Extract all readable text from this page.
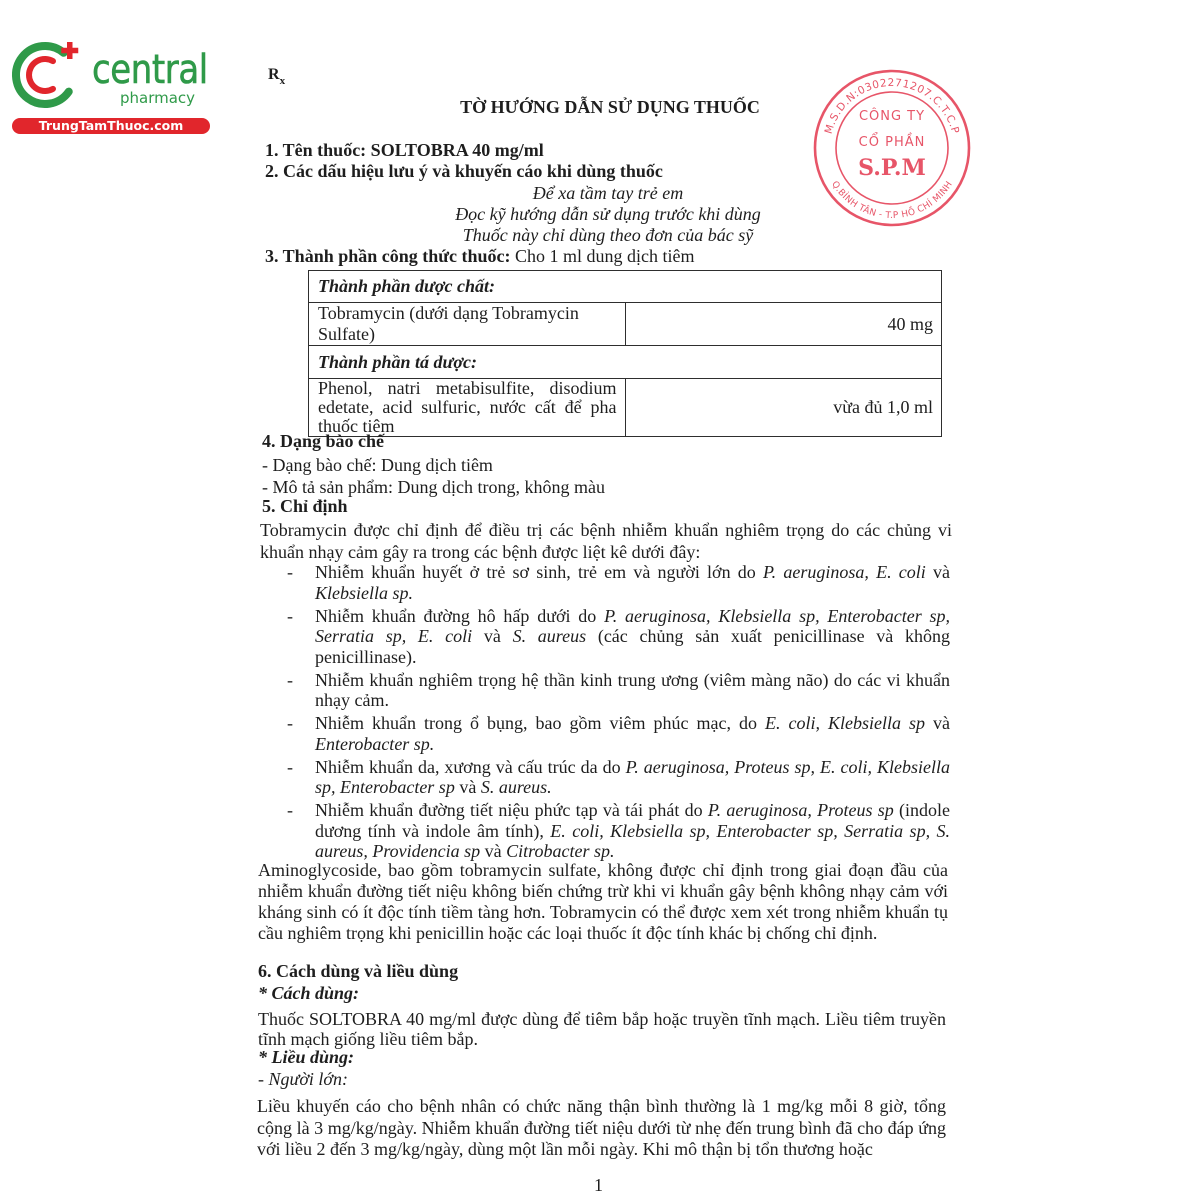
central
pharmacy
TrungTamThuoc.com
$R_x$
TỜ HƯỚNG DẪN SỬ DỤNG THUỐC
M.S.D.N:0302271207.C.T.C.P
Q.BÌNH TÂN - T.P HỒ CHÍ MINH
CÔNG TY
CỔ PHẦN
S.P.M
1. Tên thuốc: SOLTOBRA 40 mg/ml
2. Các dấu hiệu lưu ý và khuyến cáo khi dùng thuốc
Để xa tầm tay trẻ em
Đọc kỹ hướng dẫn sử dụng trước khi dùng
Thuốc này chỉ dùng theo đơn của bác sỹ
3. Thành phần công thức thuốc: Cho 1 ml dung dịch tiêm
Thành phần dược chất:	
Tobramycin (dưới dạng Tobramycin Sulfate)	40 mg
Thành phần tá dược:	
Phenol, natri metabisulfite, disodium edetate, acid sulfuric, nước cất để pha thuốc tiêm	vừa đủ 1,0 ml
4. Dạng bào chế
- Dạng bào chế: Dung dịch tiêm
- Mô tả sản phẩm: Dung dịch trong, không màu
5. Chỉ định
Tobramycin được chỉ định để điều trị các bệnh nhiễm khuẩn nghiêm trọng do các chủng vi khuẩn nhạy cảm gây ra trong các bệnh được liệt kê dưới đây:
-	Nhiễm khuẩn huyết ở trẻ sơ sinh, trẻ em và người lớn do P. aeruginosa, E. coli và Klebsiella sp.
-	Nhiễm khuẩn đường hô hấp dưới do P. aeruginosa, Klebsiella sp, Enterobacter sp, Serratia sp, E. coli và S. aureus (các chủng sản xuất penicillinase và không penicillinase).
-	Nhiễm khuẩn nghiêm trọng hệ thần kinh trung ương (viêm màng não) do các vi khuẩn nhạy cảm.
-	Nhiễm khuẩn trong ổ bụng, bao gồm viêm phúc mạc, do E. coli, Klebsiella sp và Enterobacter sp.
-	Nhiễm khuẩn da, xương và cấu trúc da do P. aeruginosa, Proteus sp, E. coli, Klebsiella sp, Enterobacter sp và S. aureus.
-	Nhiễm khuẩn đường tiết niệu phức tạp và tái phát do P. aeruginosa, Proteus sp (indole dương tính và indole âm tính), E. coli, Klebsiella sp, Enterobacter sp, Serratia sp, S. aureus, Providencia sp và Citrobacter sp.
Aminoglycoside, bao gồm tobramycin sulfate, không được chỉ định trong giai đoạn đầu của nhiễm khuẩn đường tiết niệu không biến chứng trừ khi vi khuẩn gây bệnh không nhạy cảm với kháng sinh có ít độc tính tiềm tàng hơn. Tobramycin có thể được xem xét trong nhiễm khuẩn tụ cầu nghiêm trọng khi penicillin hoặc các loại thuốc ít độc tính khác bị chống chỉ định.
6. Cách dùng và liều dùng
* Cách dùng:
Thuốc SOLTOBRA 40 mg/ml được dùng để tiêm bắp hoặc truyền tĩnh mạch. Liều tiêm truyền tĩnh mạch giống liều tiêm bắp.
* Liều dùng:
- Người lớn:
Liều khuyến cáo cho bệnh nhân có chức năng thận bình thường là 1 mg/kg mỗi 8 giờ, tổng cộng là 3 mg/kg/ngày. Nhiễm khuẩn đường tiết niệu dưới từ nhẹ đến trung bình đã cho đáp ứng với liều 2 đến 3 mg/kg/ngày, dùng một lần mỗi ngày. Khi mô thận bị tổn thương hoặc
1
